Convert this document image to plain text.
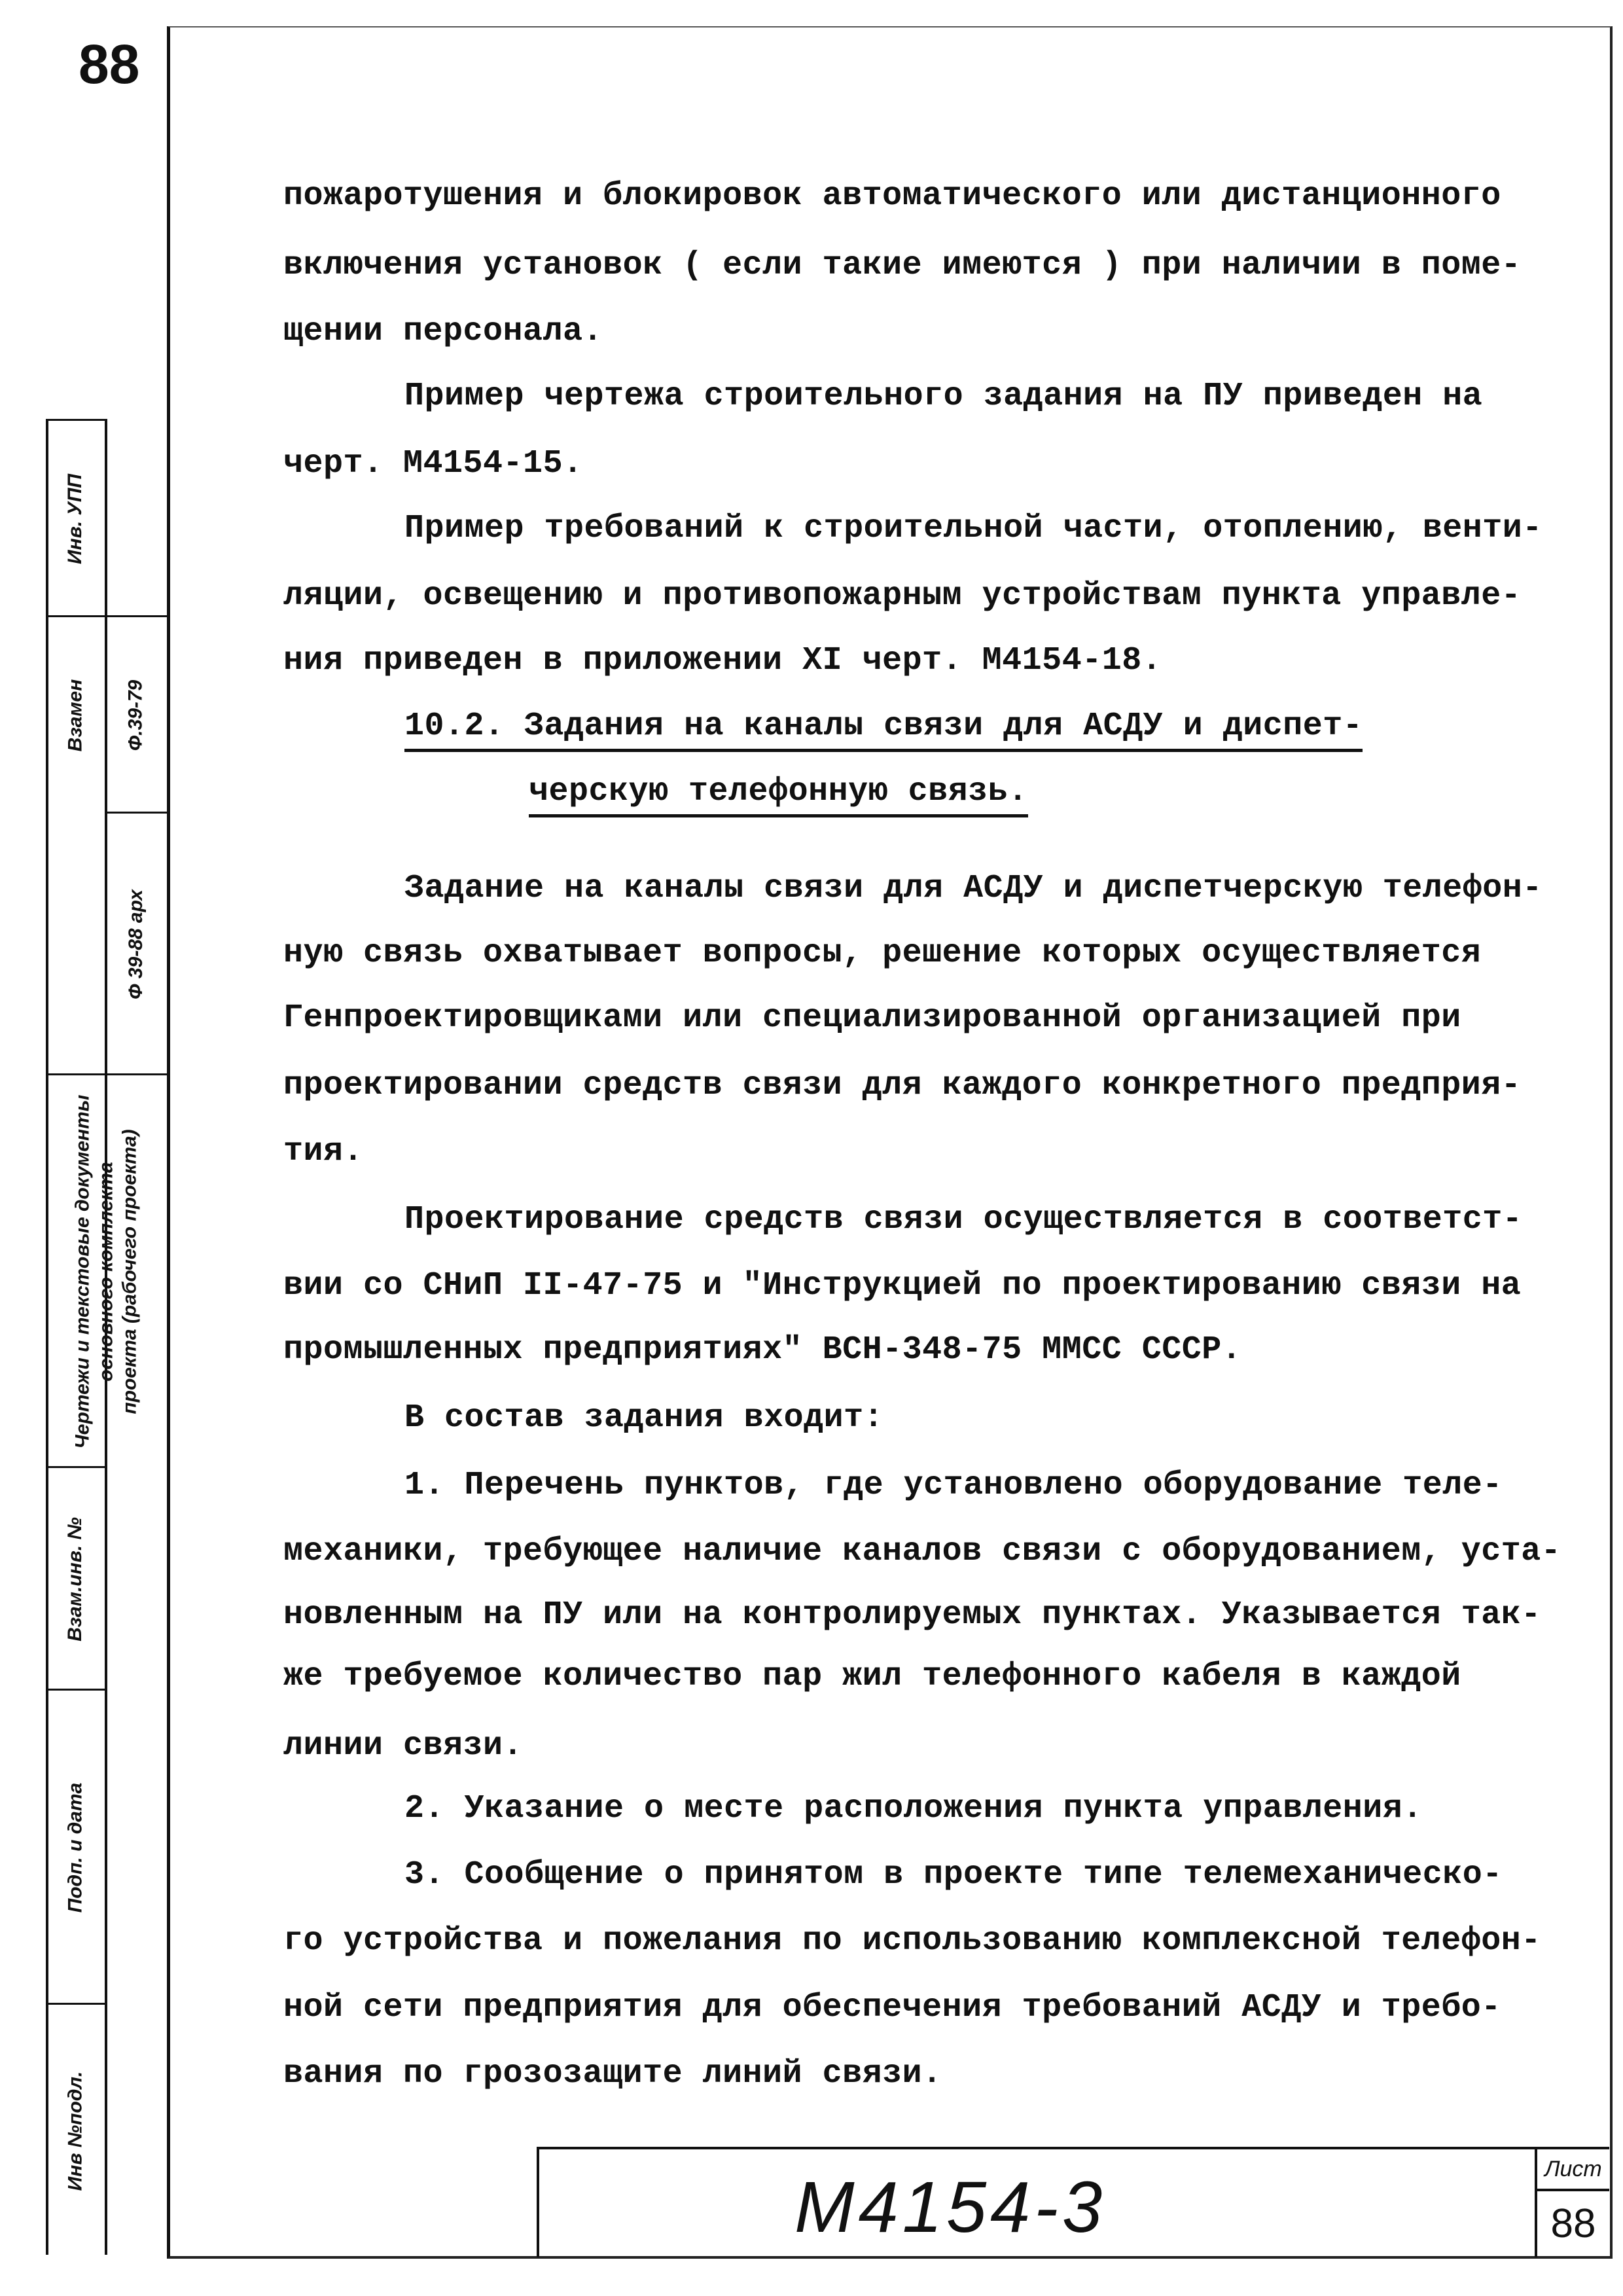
88
Инв №подл.
Подп. и дата
Взам.инв. №
Чертежи и текстовые документы основного комплекта проекта (рабочего проекта)
Ф 39-88 арх
Взамен Ф.39-79
Инв. УПП
пожаротушения и блокировок автоматического или дистанционного
включения установок ( если такие имеются ) при наличии в поме-
щении персонала.
Пример чертежа строительного задания на ПУ приведен на
черт. М4154-15.
Пример требований к строительной части, отоплению, венти-
ляции, освещению и противопожарным устройствам пункта управле-
ния приведен в приложении XI черт. М4154-18.
10.2. Задания на каналы связи для АСДУ и диспет-
черскую телефонную связь.
Задание на каналы связи для АСДУ и диспетчерскую телефон-
ную связь охватывает вопросы, решение которых осуществляется
Генпроектировщиками или специализированной организацией при
проектировании средств связи для каждого конкретного предприя-
тия.
Проектирование средств связи осуществляется в соответст-
вии со СНиП II-47-75 и "Инструкцией по проектированию связи на
промышленных предприятиях" ВСН-348-75 ММСС СССР.
В состав задания входит:
1. Перечень пунктов, где установлено оборудование теле-
механики, требующее наличие каналов связи с оборудованием, уста-
новленным на ПУ или на контролируемых пунктах. Указывается так-
же требуемое количество пар жил телефонного кабеля в каждой
линии связи.
2. Указание о месте расположения пункта управления.
3. Сообщение о принятом в проекте типе телемеханическо-
го устройства и пожелания по использованию комплексной телефон-
ной сети предприятия для обеспечения требований АСДУ и требо-
вания по грозозащите линий связи.
М4154-3	Лист
88
